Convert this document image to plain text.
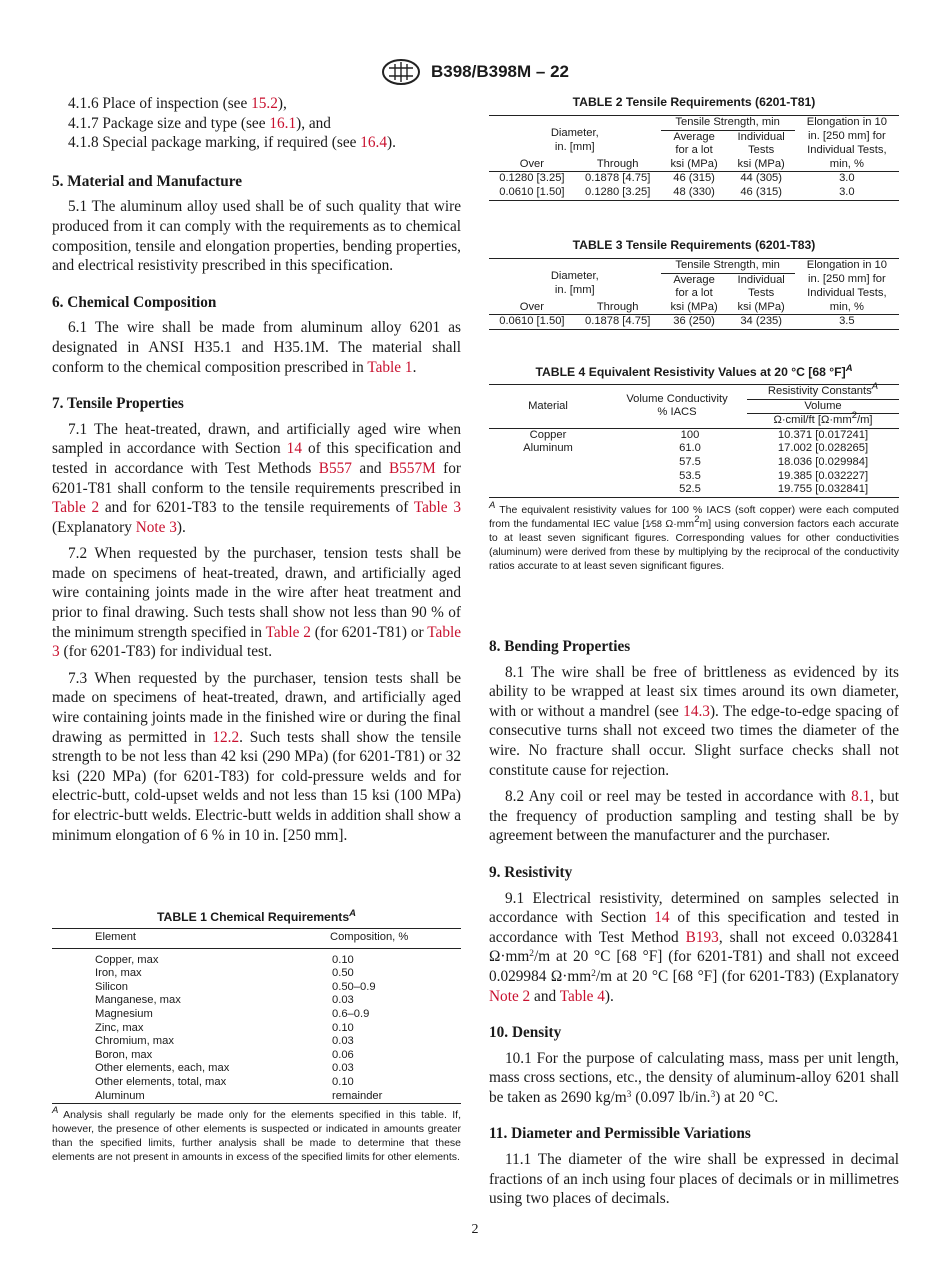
B398/B398M – 22
4.1.6 Place of inspection (see 15.2),
4.1.7 Package size and type (see 16.1), and
4.1.8 Special package marking, if required (see 16.4).
5. Material and Manufacture
5.1 The aluminum alloy used shall be of such quality that wire produced from it can comply with the requirements as to chemical composition, tensile and elongation properties, bending properties, and electrical resistivity prescribed in this specification.
6. Chemical Composition
6.1 The wire shall be made from aluminum alloy 6201 as designated in ANSI H35.1 and H35.1M. The material shall conform to the chemical composition prescribed in Table 1.
7. Tensile Properties
7.1 The heat-treated, drawn, and artificially aged wire when sampled in accordance with Section 14 of this specification and tested in accordance with Test Methods B557 and B557M for 6201-T81 shall conform to the tensile requirements prescribed in Table 2 and for 6201-T83 to the tensile requirements of Table 3 (Explanatory Note 3).
7.2 When requested by the purchaser, tension tests shall be made on specimens of heat-treated, drawn, and artificially aged wire containing joints made in the wire after heat treatment and prior to final drawing. Such tests shall show not less than 90 % of the minimum strength specified in Table 2 (for 6201-T81) or Table 3 (for 6201-T83) for individual test.
7.3 When requested by the purchaser, tension tests shall be made on specimens of heat-treated, drawn, and artificially aged wire containing joints made in the finished wire or during the final drawing as permitted in 12.2. Such tests shall show the tensile strength to be not less than 42 ksi (290 MPa) (for 6201-T81) or 32 ksi (220 MPa) (for 6201-T83) for cold-pressure welds and for electric-butt, cold-upset welds and not less than 15 ksi (100 MPa) for electric-butt welds. Electric-butt welds in addition shall show a minimum elongation of 6 % in 10 in. [250 mm].
TABLE 1 Chemical Requirements$^A$
Element	Composition, %
Copper, max	0.10
Iron, max	0.50
Silicon	0.50–0.9
Manganese, max	0.03
Magnesium	0.6–0.9
Zinc, max	0.10
Chromium, max	0.03
Boron, max	0.06
Other elements, each, max	0.03
Other elements, total, max	0.10
Aluminum	remainder
$^A$ Analysis shall regularly be made only for the elements specified in this table. If, however, the presence of other elements is suspected or indicated in amounts greater than the specified limits, further analysis shall be made to determine that these elements are not present in amounts in excess of the specified limits for other elements.
TABLE 2 Tensile Requirements (6201-T81)
Diameter,
in. [mm]		Tensile Strength, min		Elongation in 10
		Average	Individual	in. [250 mm] for
		for a lot	Tests	Individual Tests,
Over	Through	ksi (MPa)	ksi (MPa)	min, %
0.1280 [3.25]	0.1878 [4.75]	46 (315)	44 (305)	3.0
0.0610 [1.50]	0.1280 [3.25]	48 (330)	46 (315)	3.0
TABLE 3 Tensile Requirements (6201-T83)
Diameter,
in. [mm]		Tensile Strength, min		Elongation in 10
		Average	Individual	in. [250 mm] for
		for a lot	Tests	Individual Tests,
Over	Through	ksi (MPa)	ksi (MPa)	min, %
0.0610 [1.50]	0.1878 [4.75]	36 (250)	34 (235)	3.5
TABLE 4 Equivalent Resistivity Values at 20 °C [68 °F]$^A$
Material	Volume Conductivity
% IACS	Resistivity Constants$^A$
		Volume
		Ω·cmil/ft $[\Omega\cdot mm^2/m]$
Copper	100	10.371 [0.017241]
Aluminum	61.0	17.002 [0.028265]
	57.5	18.036 [0.029984]
	53.5	19.385 [0.032227]
	52.5	19.755 [0.032841]
$^A$ The equivalent resistivity values for 100 % IACS (soft copper) were each computed from the fundamental IEC value [1⁄58 $\Omega\cdot mm^2m$] using conversion factors each accurate to at least seven significant figures. Corresponding values for other conductivities (aluminum) were derived from these by multiplying by the reciprocal of the conductivity ratios accurate to at least seven significant figures.
8. Bending Properties
8.1 The wire shall be free of brittleness as evidenced by its ability to be wrapped at least six times around its own diameter, with or without a mandrel (see 14.3). The edge-to-edge spacing of consecutive turns shall not exceed two times the diameter of the wire. No fracture shall occur. Slight surface checks shall not constitute cause for rejection.
8.2 Any coil or reel may be tested in accordance with 8.1, but the frequency of production sampling and testing shall be by agreement between the manufacturer and the purchaser.
9. Resistivity
9.1 Electrical resistivity, determined on samples selected in accordance with Section 14 of this specification and tested in accordance with Test Method B193, shall not exceed 0.032841 $\Omega\cdot mm^2/m$ at 20 °C [68 °F] (for 6201-T81) and shall not exceed 0.029984 $\Omega\cdot mm^2/m$ at 20 °C [68 °F] (for 6201-T83) (Explanatory Note 2 and Table 4).
10. Density
10.1 For the purpose of calculating mass, mass per unit length, mass cross sections, etc., the density of aluminum-alloy 6201 shall be taken as 2690 $kg/m^3$ (0.097 lb/in.$^3$) at 20 °C.
11. Diameter and Permissible Variations
11.1 The diameter of the wire shall be expressed in decimal fractions of an inch using four places of decimals or in millimetres using two places of decimals.
2
